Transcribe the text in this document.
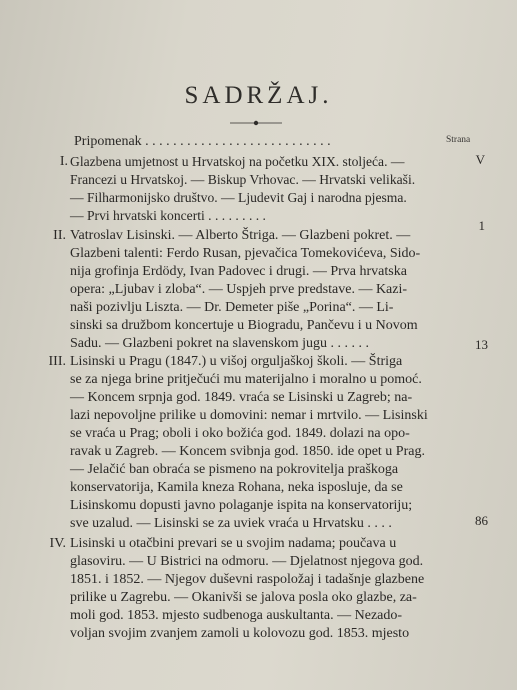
SADRŽAJ.
Strana
Pripomenak . . . . . . . . . . . . . . . . . . . . . . . . . . .
V
I. Glazbena umjetnost u Hrvatskoj na početku XIX. stoljeća. —
Francezi u Hrvatskoj. — Biskup Vrhovac. — Hrvatski velikaši.
— Filharmonijsko društvo. — Ljudevit Gaj i narodna pjesma.
— Prvi hrvatski koncerti . . . . . . . . .
1
II. Vatroslav Lisinski. — Alberto Štriga. — Glazbeni pokret. —
Glazbeni talenti: Ferdo Rusan, pjevačica Tomekovićeva, Sido-
nija grofinja Erdödy, Ivan Padovec i drugi. — Prva hrvatska
opera: „Ljubav i zloba“. — Uspjeh prve predstave. — Kazi-
naši pozivlju Liszta. — Dr. Demeter piše „Porina“. — Li-
sinski sa družbom koncertuje u Biogradu, Pančevu i u Novom
Sadu. — Glazbeni pokret na slavenskom jugu . . . . . .	13
III. Lisinski u Pragu (1847.) u višoj orguljaškoj školi. — Štriga
se za njega brine pritječući mu materijalno i moralno u pomoć.
— Koncem srpnja god. 1849. vraća se Lisinski u Zagreb; na-
lazi nepovoljne prilike u domovini: nemar i mrtvilo. — Lisinski
se vraća u Prag; oboli i oko božića god. 1849. dolazi na opo-
ravak u Zagreb. — Koncem svibnja god. 1850. ide opet u Prag.
— Jelačić ban obraća se pismeno na pokrovitelja praškoga
konservatorija, Kamila kneza Rohana, neka isposluje, da se
Lisinskomu dopusti javno polaganje ispita na konservatoriju;
sve uzalud. — Lisinski se za uviek vraća u Hrvatsku . . . .	86
IV. Lisinski u otačbini prevari se u svojim nadama; poučava u
glasoviru. — U Bistrici na odmoru. — Djelatnost njegova god.
1851. i 1852. — Njegov duševni raspoložaj i tadašnje glazbene
prilike u Zagrebu. — Okanivši se jalova posla oko glazbe, za-
moli god. 1853. mjesto sudbenoga auskultanta. — Nezado-
voljan svojim zvanjem zamoli u kolovozu god. 1853. mjesto
